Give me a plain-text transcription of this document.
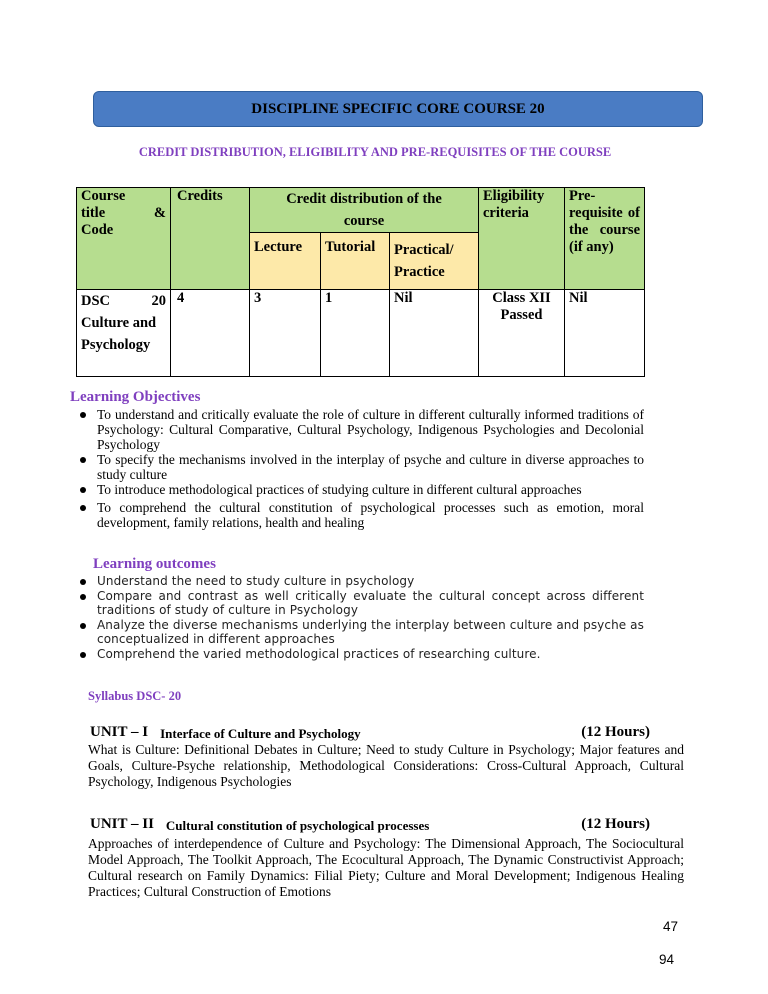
DISCIPLINE SPECIFIC CORE COURSE 20
CREDIT DISTRIBUTION, ELIGIBILITY AND PRE-REQUISITES OF THE COURSE
Course
title &
Code	Credits	Credit distribution of the course			Eligibility criteria	Pre-requisite of the course (if any)
		Lecture	Tutorial	Practical/ Practice		

DSC 20
Culture and Psychology	4	3	1	Nil	Class XII Passed	Nil
Learning Objectives
To understand and critically evaluate the role of culture in different culturally informed traditions of Psychology: Cultural Comparative, Cultural Psychology, Indigenous Psychologies and Decolonial Psychology
To specify the mechanisms involved in the interplay of psyche and culture in diverse approaches to study culture
To introduce methodological practices of studying culture in different cultural approaches
To comprehend the cultural constitution of psychological processes such as emotion, moral development, family relations, health and healing
Learning outcomes
Understand the need to study culture in psychology
Compare and contrast as well critically evaluate the cultural concept across different traditions of study of culture in Psychology
Analyze the diverse mechanisms underlying the interplay between culture and psyche as conceptualized in different approaches
Comprehend the varied methodological practices of researching culture.
Syllabus DSC- 20
UNIT – I Interface of Culture and Psychology	(12 Hours)
What is Culture: Definitional Debates in Culture; Need to study Culture in Psychology; Major features and Goals, Culture-Psyche relationship, Methodological Considerations: Cross-Cultural Approach, Cultural Psychology, Indigenous Psychologies
UNIT – II Cultural constitution of psychological processes	(12 Hours)
Approaches of interdependence of Culture and Psychology: The Dimensional Approach, The Sociocultural Model Approach, The Toolkit Approach, The Ecocultural Approach, The Dynamic Constructivist Approach; Cultural research on Family Dynamics: Filial Piety; Culture and Moral Development; Indigenous Healing Practices; Cultural Construction of Emotions
47
94
